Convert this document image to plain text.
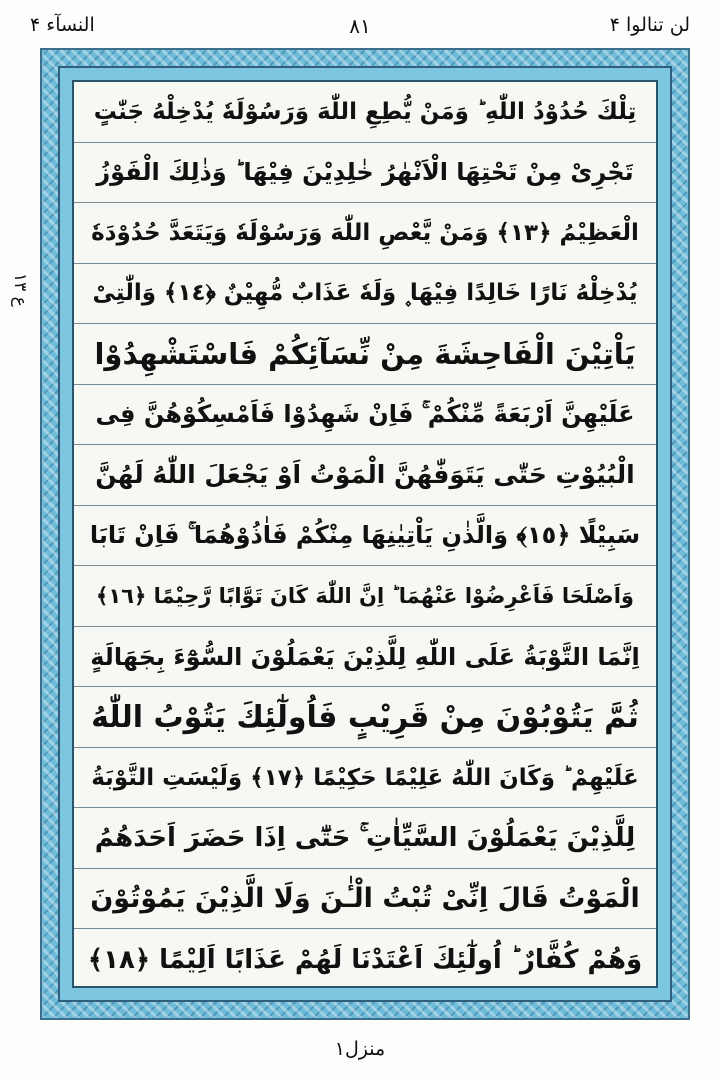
لن تنالوا ۴
٨١
النسآء ۴
ع ۱۳
تِلْكَ حُدُوْدُ اللّٰهِ ؕ وَمَنْ يُّطِعِ اللّٰهَ وَرَسُوْلَهٗ يُدْخِلْهُ جَنّٰتٍ
تَجْرِىْ مِنْ تَحْتِهَا الْاَنْهٰرُ خٰلِدِيْنَ فِيْهَا ؕ وَذٰلِكَ الْفَوْزُ
الْعَظِيْمُ ﴿١٣﴾ وَمَنْ يَّعْصِ اللّٰهَ وَرَسُوْلَهٗ وَيَتَعَدَّ حُدُوْدَهٗ
يُدْخِلْهُ نَارًا خَالِدًا فِيْهَا ۪ وَلَهٗ عَذَابٌ مُّهِيْنٌ ﴿١٤﴾ وَالّٰتِىْ
يَاْتِيْنَ الْفَاحِشَةَ مِنْ نِّسَآئِكُمْ فَاسْتَشْهِدُوْا
عَلَيْهِنَّ اَرْبَعَةً مِّنْكُمْ ۚ فَاِنْ شَهِدُوْا فَاَمْسِكُوْهُنَّ فِى
الْبُيُوْتِ حَتّٰى يَتَوَفّٰهُنَّ الْمَوْتُ اَوْ يَجْعَلَ اللّٰهُ لَهُنَّ
سَبِيْلًا ﴿١٥﴾ وَالَّذٰنِ يَاْتِيٰنِهَا مِنْكُمْ فَاٰذُوْهُمَا ۚ فَاِنْ تَابَا
وَاَصْلَحَا فَاَعْرِضُوْا عَنْهُمَا ؕ اِنَّ اللّٰهَ كَانَ تَوَّابًا رَّحِيْمًا ﴿١٦﴾
اِنَّمَا التَّوْبَةُ عَلَى اللّٰهِ لِلَّذِيْنَ يَعْمَلُوْنَ السُّوْٓءَ بِجَهَالَةٍ
ثُمَّ يَتُوْبُوْنَ مِنْ قَرِيْبٍ فَاُولٰٓئِكَ يَتُوْبُ اللّٰهُ
عَلَيْهِمْ ؕ وَكَانَ اللّٰهُ عَلِيْمًا حَكِيْمًا ﴿١٧﴾ وَلَيْسَتِ التَّوْبَةُ
لِلَّذِيْنَ يَعْمَلُوْنَ السَّيِّاٰتِ ۚ حَتّٰٓى اِذَا حَضَرَ اَحَدَهُمُ
الْمَوْتُ قَالَ اِنِّىْ تُبْتُ الْـٰٔنَ وَلَا الَّذِيْنَ يَمُوْتُوْنَ
وَهُمْ كُفَّارٌ ؕ اُولٰٓئِكَ اَعْتَدْنَا لَهُمْ عَذَابًا اَلِيْمًا ﴿١٨﴾
منزل١
